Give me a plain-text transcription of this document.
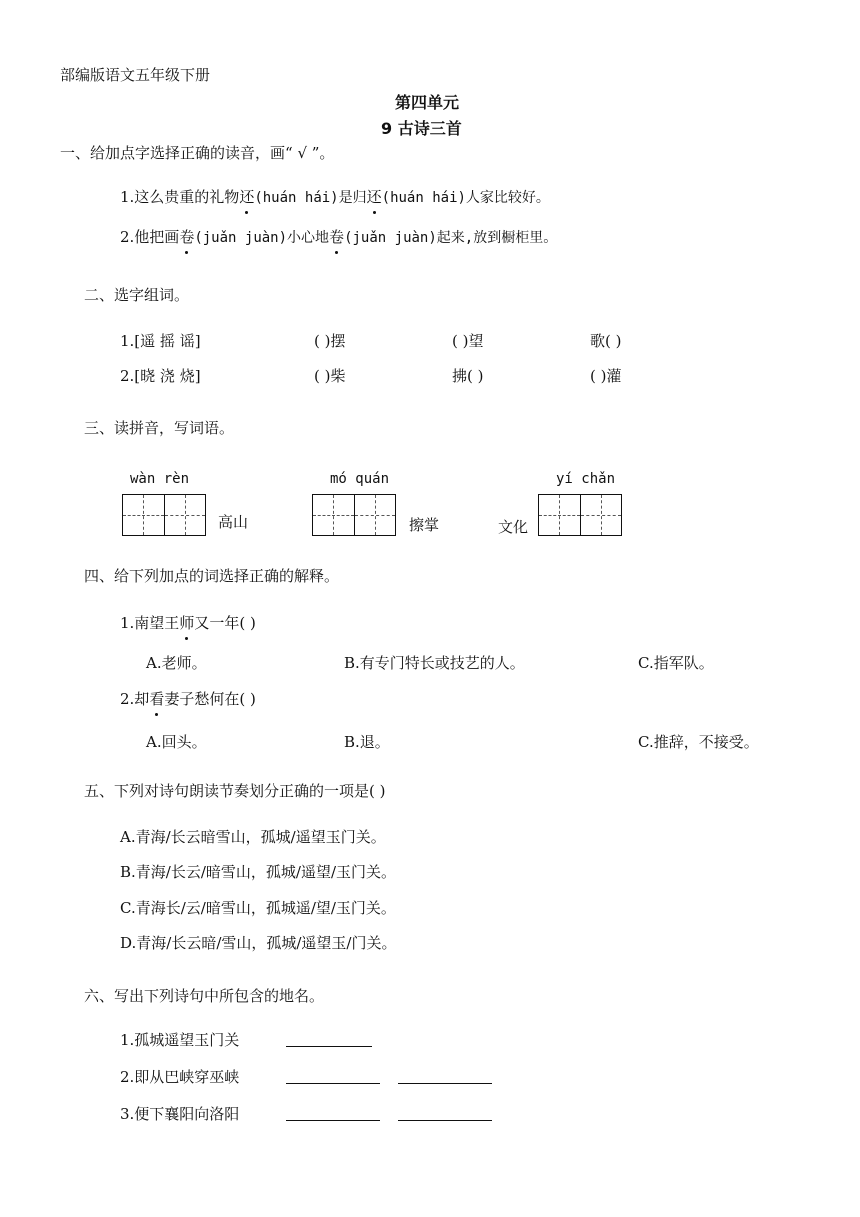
部编版语文五年级下册
第四单元
9 古诗三首
一、给加点字选择正确的读音，画“ √ ”。
1.这么贵重的礼物还(huán hái)是归还(huán hái)人家比较好。
2.他把画卷(juǎn juàn)小心地卷(juǎn juàn)起来,放到橱柜里。
二、选字组词。
1.[遥 摇 谣]	( )摆	( )望	歌( )
2.[晓 浇 烧]	( )柴	拂( )	( )灌
三、读拼音，写词语。
wàn rèn
高山
mó quán
擦掌	文化
yí chǎn
四、给下列加点的词选择正确的解释。
1.南望王师又一年( )
A.老师。	B.有专门特长或技艺的人。	C.指军队。
2.却看妻子愁何在( )
A.回头。	B.退。	C.推辞，不接受。
五、下列对诗句朗读节奏划分正确的一项是( )
A.青海/长云暗雪山，孤城/遥望玉门关。
B.青海/长云/暗雪山，孤城/遥望/玉门关。
C.青海长/云/暗雪山，孤城遥/望/玉门关。
D.青海/长云暗/雪山，孤城/遥望玉/门关。
六、写出下列诗句中所包含的地名。
1.孤城遥望玉门关
2.即从巴峡穿巫峡
3.便下襄阳向洛阳
